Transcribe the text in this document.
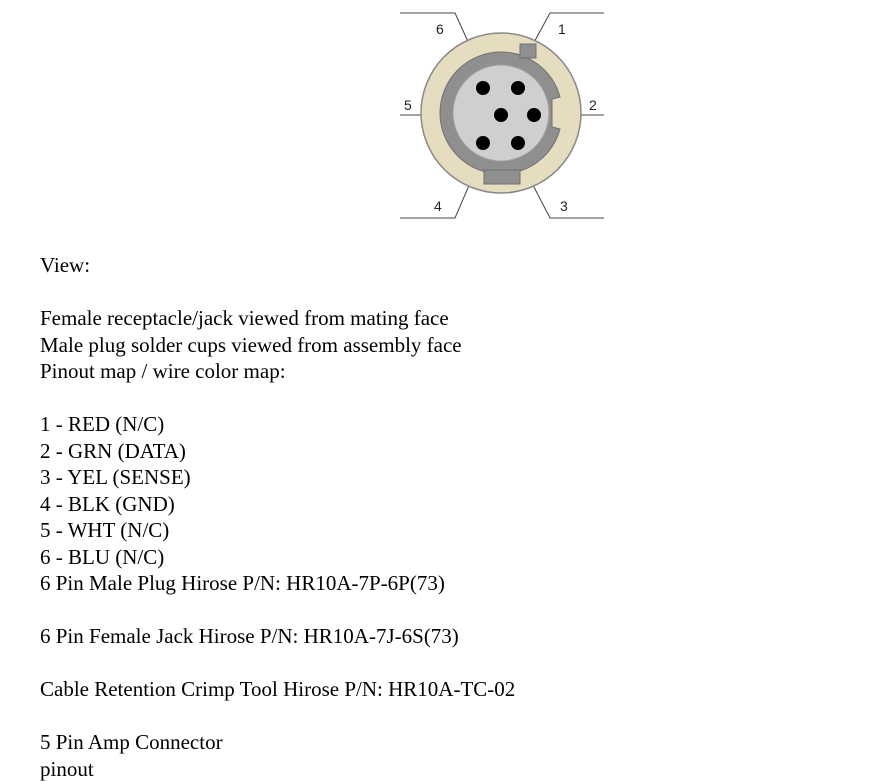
6	1
5	2
4	3
View:
Female receptacle/jack viewed from mating face
Male plug solder cups viewed from assembly face
Pinout map / wire color map:
1 - RED (N/C)
2 - GRN (DATA)
3 - YEL (SENSE)
4 - BLK (GND)
5 - WHT (N/C)
6 - BLU (N/C)
6 Pin Male Plug Hirose P/N: HR10A-7P-6P(73)
6 Pin Female Jack Hirose P/N: HR10A-7J-6S(73)
Cable Retention Crimp Tool Hirose P/N: HR10A-TC-02
5 Pin Amp Connector
pinout
